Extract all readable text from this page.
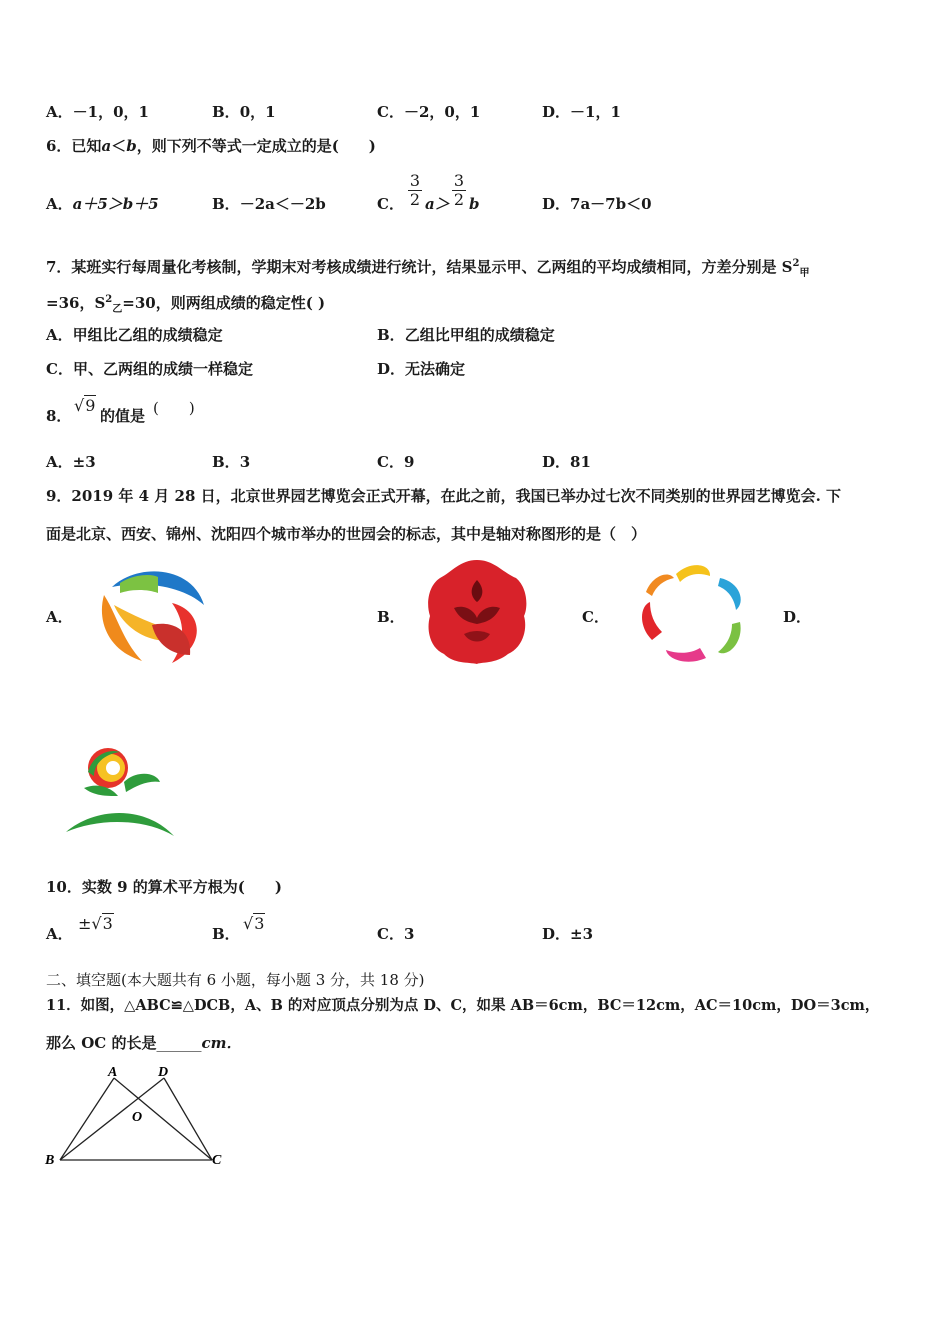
A．－1，0，1	B．0，1	C．－2，0，1	D．－1，1
6．已知a＜b，则下列不等式一定成立的是(　　)
A．a＋5＞b＋5	B．－2a＜－2b	C． $\frac{3}{2} a> \frac{3}{2}$ b	D．7a－7b＜0
7．某班实行每周量化考核制，学期末对考核成绩进行统计，结果显示甲、乙两组的平均成绩相同，方差分别是 $S^2_甲$
=36，$S^2_乙=30$，则两组成绩的稳定性( )
A．甲组比乙组的成绩稳定	B．乙组比甲组的成绩稳定
C．甲、乙两组的成绩一样稳定	D．无法确定
8．
√9
的值是 (　　)
A．±3	B．3	C．9	D．81
9．2019 年 4 月 28 日，北京世界园艺博览会正式开幕，在此之前，我国已举办过七次不同类别的世界园艺博览会. 下
面是北京、西安、锦州、沈阳四个城市举办的世园会的标志，其中是轴对称图形的是（　）
A．	B．	C．	D．
10．实数 9 的算术平方根为(　　)
A．
±√3
B．
√3
C．3	D．±3
二、填空题(本大题共有 6 小题，每小题 3 分，共 18 分)
11．如图，△ABC≌△DCB，A、B 的对应顶点分别为点 D、C，如果 AB＝6cm，BC＝12cm，AC＝10cm，DO＝3cm，
那么 OC 的长是______cm．
A	D
O
B	C
